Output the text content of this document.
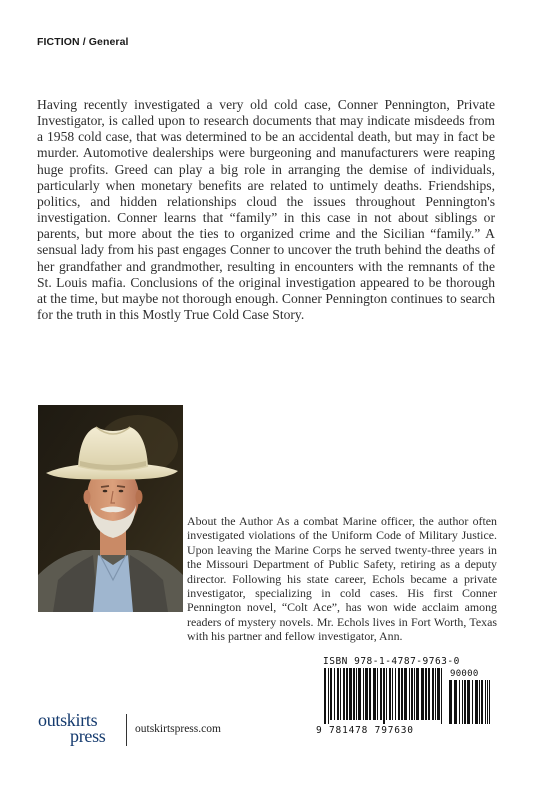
FICTION / General

Having recently investigated a very old cold case, Conner Pennington, Private Investigator, is called upon to research documents that may indicate misdeeds from a 1958 cold case, that was determined to be an accidental death, but may in fact be murder. Automotive dealerships were burgeoning and manufacturers were reaping huge profits. Greed can play a big role in arranging the demise of individuals, particularly when monetary benefits are related to untimely deaths. Friendships, politics, and hidden relationships cloud the issues throughout Pennington's investigation. Conner learns that “family” in this case in not about siblings or parents, but more about the ties to organized crime and the Sicilian “family.” A sensual lady from his past engages Conner to uncover the truth behind the deaths of her grandfather and grandmother, resulting in encounters with the remnants of the St. Louis mafia. Conclusions of the original investigation appeared to be thorough at the time, but maybe not thorough enough. Conner Pennington continues to search for the truth in this Mostly True Cold Case Story.

About the Author As a combat Marine officer, the author often investigated violations of the Uniform Code of Military Justice. Upon leaving the Marine Corps he served twenty-three years in the Missouri Department of Public Safety, retiring as a deputy director. Following his state career, Echols became a private investigator, specializing in cold cases. His first Conner Pennington novel, “Colt Ace”, has won wide acclaim among readers of mystery novels. Mr. Echols lives in Fort Worth, Texas with his partner and fellow investigator, Ann.

ISBN 978-1-4787-9763-0
90000
9 781478 797630
outskirts
press	outskirtspress.com
